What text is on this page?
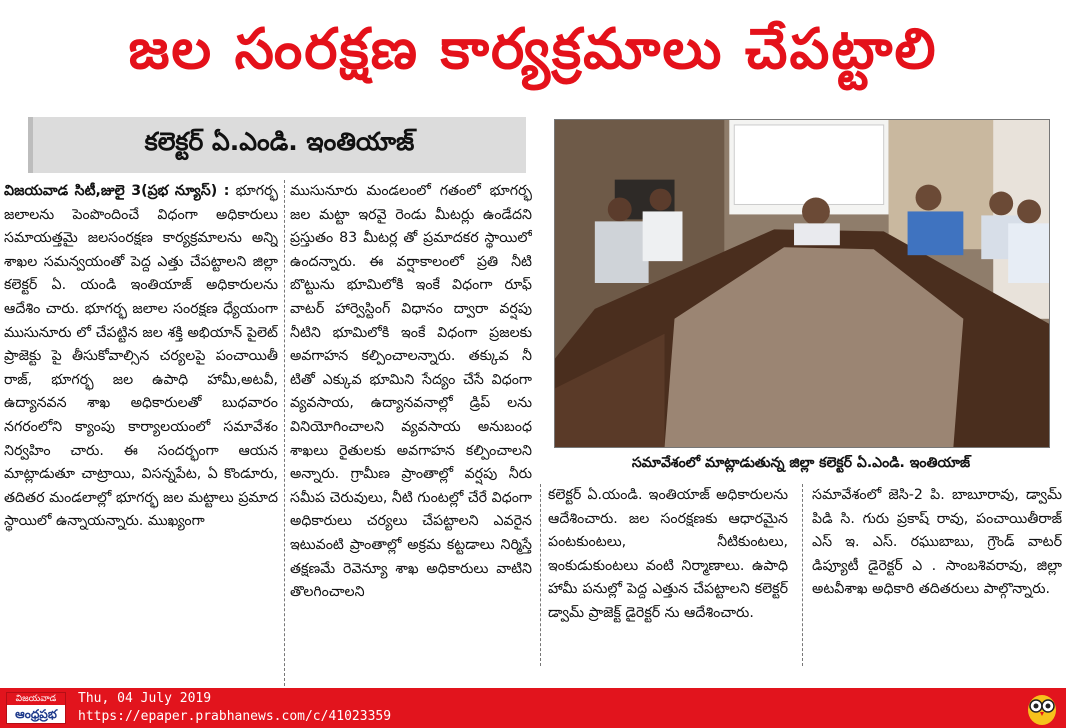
జల సంరక్షణ కార్యక్రమాలు చేపట్టాలి
కలెక్టర్ ఏ.ఎండి. ఇంతియాజ్

విజయవాడ సిటీ,జులై 3(ప్రభ న్యూస్) : భూగర్భ జలాలను పెంపొందించే విధంగా అధికారులు సమాయత్తమై జలసంరక్షణ కార్యక్రమాలను అన్ని శాఖల సమన్వయంతో పెద్ద ఎత్తు చేపట్టాలని జిల్లా కలెక్టర్ ఏ. యండి ఇంతియాజ్ అధికారులను ఆదేశిం చారు. భూగర్భ జలాల సంరక్షణ ధ్యేయంగా ముసునూరు లో చేపట్టిన జల శక్తి అభియాన్ పైలెట్ ప్రాజెక్టు పై తీసుకోవాల్సిన చర్యలపై పంచాయితీ రాజ్, భూగర్భ జల ఉపాధి హామీ,అటవీ, ఉద్యానవన శాఖ అధికారులతో బుధవారం నగరంలోని క్యాంపు కార్యాలయంలో సమావేశం నిర్వహిం చారు. ఈ సందర్భంగా ఆయన మాట్లాడుతూ చాట్రాయి, విసన్నపేట, ఏ కొండూరు, తదితర మండలాల్లో భూగర్భ జల మట్టాలు ప్రమాద స్థాయిలో ఉన్నాయన్నారు. ముఖ్యంగా

ముసునూరు మండలంలో గతంలో భూగర్భ జల మట్టా ఇరవై రెండు మీటర్లు ఉండేదని ప్రస్తుతం 83 మీటర్ల తో ప్రమాదకర స్థాయిలో ఉందన్నారు. ఈ వర్షాకాలంలో ప్రతి నీటి బొట్టును భూమిలోకి ఇంకే విధంగా రూఫ్ వాటర్ హార్వెస్టింగ్ విధానం ద్వారా వర్షపు నీటిని భూమిలోకి ఇంకే విధంగా ప్రజలకు అవగాహన కల్పించాలన్నారు. తక్కువ నీ టితో ఎక్కువ భూమిని సేద్యం చేసే విధంగా వ్యవసాయ, ఉద్యానవనాల్లో డ్రిప్ లను వినియోగించాలని వ్యవసాయ అనుబంధ శాఖలు రైతులకు అవగాహన కల్పించాలని అన్నారు. గ్రామీణ ప్రాంతాల్లో వర్షపు నీరు సమీప చెరువులు, నీటి గుంటల్లో చేరే విధంగా అధికారులు చర్యలు చేపట్టాలని ఎవరైన ఇటువంటి ప్రాంతాల్లో అక్రమ కట్టడాలు నిర్మిస్తే తక్షణమే రెవెన్యూ శాఖ అధికారులు వాటిని తొలగించాలని

సమావేశంలో మాట్లాడుతున్న జిల్లా కలెక్టర్ ఏ.ఎండి. ఇంతియాజ్

కలెక్టర్ ఏ.యండి. ఇంతియాజ్ అధికారులను ఆదేశించారు. జల సంరక్షణకు ఆధారమైన పంటకుంటలు, నీటికుంటలు, ఇంకుడుకుంటలు వంటి నిర్మాణాలు. ఉపాధి హామీ పనుల్లో పెద్ద ఎత్తున చేపట్టాలని కలెక్టర్ డ్వామ్ ప్రాజెక్ట్ డైరెక్టర్ ను ఆదేశించారు.

సమావేశంలో జెసి-2 పి. బాబూరావు, డ్వామ్ పిడి సి. గురు ప్రకాష్ రావు, పంచాయితీరాజ్ ఎస్ ఇ. ఎస్. రఘుబాబు, గ్రౌండ్ వాటర్ డిప్యూటీ డైరెక్టర్ ఎ . సాంబశివరావు, జిల్లా అటవీశాఖ అధికారి తదితరులు పాల్గొన్నారు.

విజయవాడ
ఆంధ్రప్రభ
Thu, 04 July 2019
https://epaper.prabhanews.com/c/41023359
